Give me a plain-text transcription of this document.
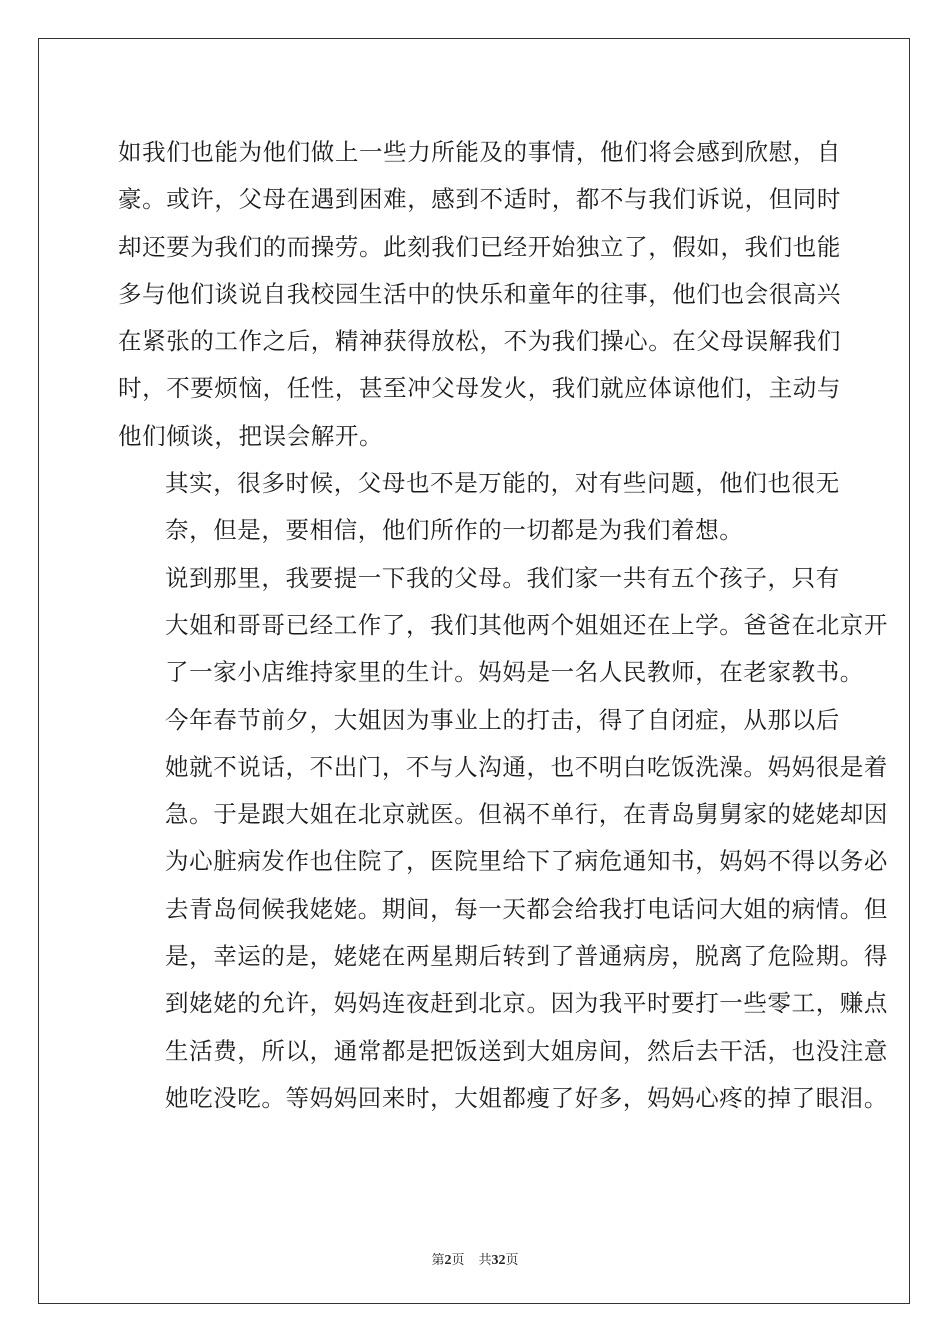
如我们也能为他们做上一些力所能及的事情，他们将会感到欣慰，自
豪。或许，父母在遇到困难，感到不适时，都不与我们诉说，但同时
却还要为我们的而操劳。此刻我们已经开始独立了，假如，我们也能
多与他们谈说自我校园生活中的快乐和童年的往事，他们也会很高兴
在紧张的工作之后，精神获得放松，不为我们操心。在父母误解我们
时，不要烦恼，任性，甚至冲父母发火，我们就应体谅他们，主动与
他们倾谈，把误会解开。

其实，很多时候，父母也不是万能的，对有些问题，他们也很无
奈，但是，要相信，他们所作的一切都是为我们着想。

说到那里，我要提一下我的父母。我们家一共有五个孩子，只有
大姐和哥哥已经工作了，我们其他两个姐姐还在上学。爸爸在北京开
了一家小店维持家里的生计。妈妈是一名人民教师，在老家教书。

今年春节前夕，大姐因为事业上的打击，得了自闭症，从那以后
她就不说话，不出门，不与人沟通，也不明白吃饭洗澡。妈妈很是着
急。于是跟大姐在北京就医。但祸不单行，在青岛舅舅家的姥姥却因
为心脏病发作也住院了，医院里给下了病危通知书，妈妈不得以务必
去青岛伺候我姥姥。期间，每一天都会给我打电话问大姐的病情。但
是，幸运的是，姥姥在两星期后转到了普通病房，脱离了危险期。得
到姥姥的允许，妈妈连夜赶到北京。因为我平时要打一些零工，赚点
生活费，所以，通常都是把饭送到大姐房间，然后去干活，也没注意
她吃没吃。等妈妈回来时，大姐都瘦了好多，妈妈心疼的掉了眼泪。

第2页 共32页
